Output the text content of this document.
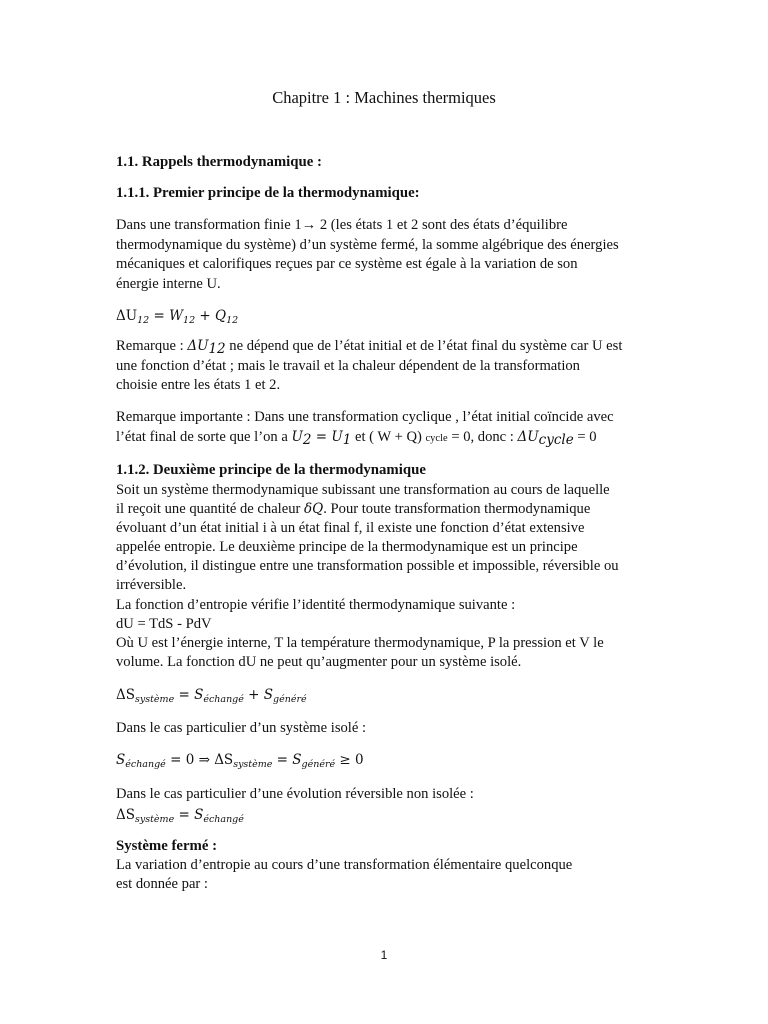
Chapitre 1 : Machines thermiques
1.1. Rappels thermodynamique :
1.1.1. Premier principe de la thermodynamique:
Dans une transformation finie 1→ 2 (les états 1 et 2 sont des états d’équilibre
thermodynamique du système) d’un système fermé, la somme algébrique des énergies
mécaniques et calorifiques reçues par ce système est égale à la variation de son
énergie interne U.
$\Delta U_{12} = W_{12} + Q_{12}$
Remarque : $\Delta U_{12}$ ne dépend que de l’état initial et de l’état final du système car U est
une fonction d’état ; mais le travail et la chaleur dépendent de la transformation
choisie entre les états 1 et 2.
Remarque importante : Dans une transformation cyclique , l’état initial coïncide avec
l’état final de sorte que l’on a $U_2 = U_1$ et ( W + Q) cycle = 0, donc : $\Delta U_{cycle} = 0$
1.1.2. Deuxième principe de la thermodynamique
Soit un système thermodynamique subissant une transformation au cours de laquelle
il reçoit une quantité de chaleur δQ. Pour toute transformation thermodynamique
évoluant d’un état initial i à un état final f, il existe une fonction d’état extensive
appelée entropie. Le deuxième principe de la thermodynamique est un principe
d’évolution, il distingue entre une transformation possible et impossible, réversible ou
irréversible.
La fonction d’entropie vérifie l’identité thermodynamique suivante :
dU = TdS - PdV
Où U est l’énergie interne, T la température thermodynamique, P la pression et V le
volume. La fonction dU ne peut qu’augmenter pour un système isolé.
$\Delta S_{système} = S_{échangé} + S_{généré}$
Dans le cas particulier d’un système isolé :
$S_{échangé} = 0$ ⇒ $\Delta S_{système} = S_{généré} \ge 0$
Dans le cas particulier d’une évolution réversible non isolée :
$\Delta S_{système} = S_{échangé}$
Système fermé :
La variation d’entropie au cours d’une transformation élémentaire quelconque
est donnée par :
1
